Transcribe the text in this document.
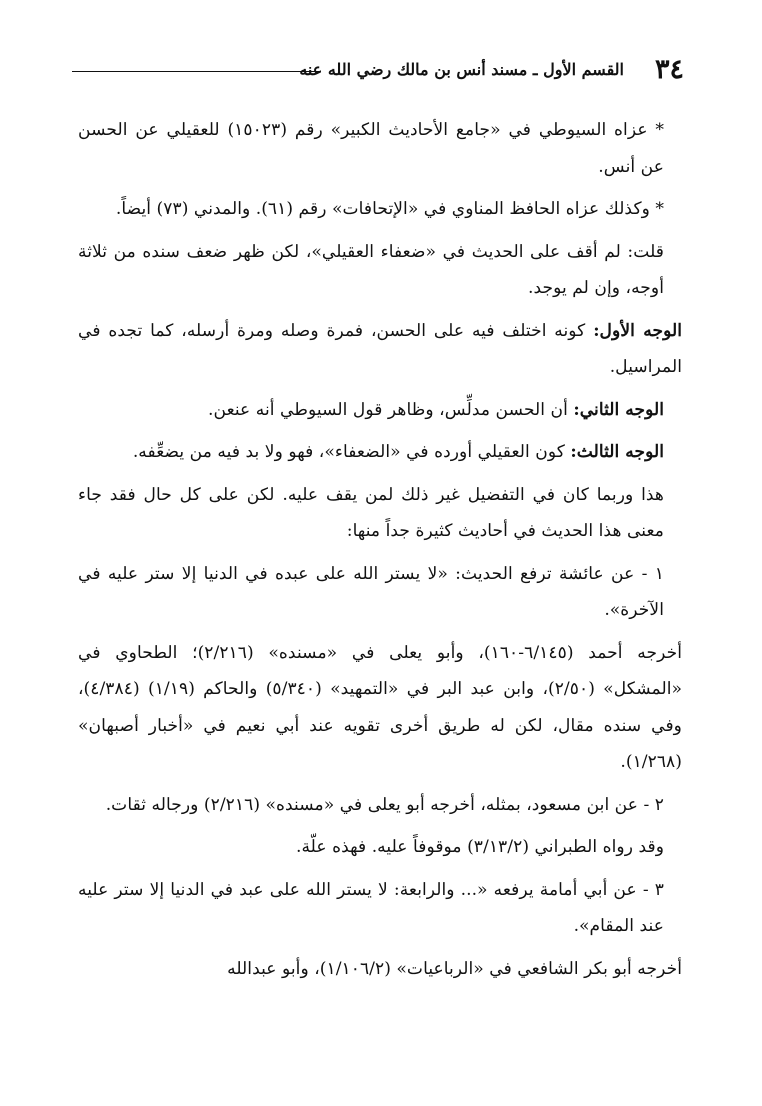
٣٤
القسم الأول ـ مسند أنس بن مالك رضي الله عنه

* عزاه السيوطي في «جامع الأحاديث الكبير» رقم (١٥٠٢٣) للعقيلي عن الحسن عن أنس.

* وكذلك عزاه الحافظ المناوي في «الإتحافات» رقم (٦١). والمدني (٧٣) أيضاً.

قلت: لم أقف على الحديث في «ضعفاء العقيلي»، لكن ظهر ضعف سنده من ثلاثة أوجه، وإن لم يوجد.

الوجه الأول: كونه اختلف فيه على الحسن، فمرة وصله ومرة أرسله، كما تجده في المراسيل.

الوجه الثاني: أن الحسن مدلِّس، وظاهر قول السيوطي أنه عنعن.

الوجه الثالث: كون العقيلي أورده في «الضعفاء»، فهو ولا بد فيه من يضعِّفه.

هذا وربما كان في التفضيل غير ذلك لمن يقف عليه. لكن على كل حال فقد جاء معنى هذا الحديث في أحاديث كثيرة جداً منها:

١ - عن عائشة ترفع الحديث: «لا يستر الله على عبده في الدنيا إلا ستر عليه في الآخرة».

أخرجه أحمد (٦/١٤٥-١٦٠)، وأبو يعلى في «مسنده» (٢/٢١٦)؛ الطحاوي في «المشكل» (٢/٥٠)، وابن عبد البر في «التمهيد» (٥/٣٤٠) والحاكم (١/١٩) (٤/٣٨٤)، وفي سنده مقال، لكن له طريق أخرى تقويه عند أبي نعيم في «أخبار أصبهان» (١/٢٦٨).

٢ - عن ابن مسعود، بمثله، أخرجه أبو يعلى في «مسنده» (٢/٢١٦) ورجاله ثقات.

وقد رواه الطبراني (٣/١٣/٢) موقوفاً عليه. فهذه علّة.

٣ - عن أبي أمامة يرفعه «... والرابعة: لا يستر الله على عبد في الدنيا إلا ستر عليه عند المقام».

أخرجه أبو بكر الشافعي في «الرباعيات» (١/١٠٦/٢)، وأبو عبدالله
